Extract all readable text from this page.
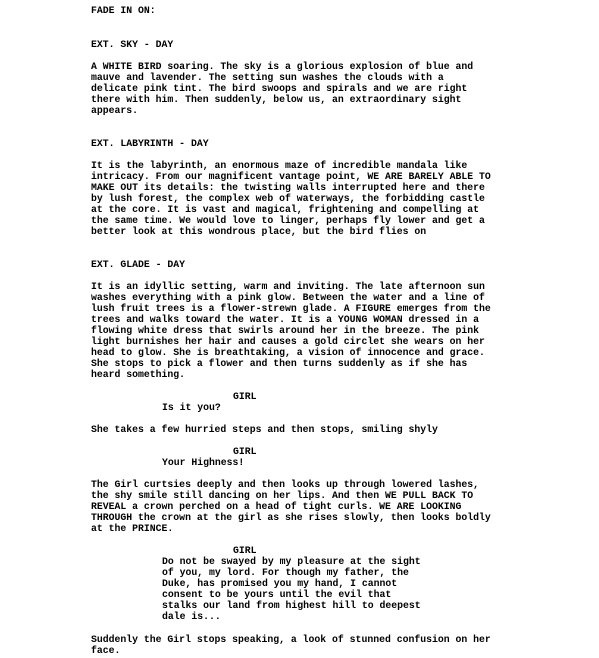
FADE IN ON:

EXT. SKY - DAY

A WHITE BIRD soaring. The sky is a glorious explosion of blue and
mauve and lavender. The setting sun washes the clouds with a
delicate pink tint. The bird swoops and spirals and we are right
there with him. Then suddenly, below us, an extraordinary sight
appears.

EXT. LABYRINTH - DAY

It is the labyrinth, an enormous maze of incredible mandala like
intricacy. From our magnificent vantage point, WE ARE BARELY ABLE TO
MAKE OUT its details: the twisting walls interrupted here and there
by lush forest, the complex web of waterways, the forbidding castle
at the core. It is vast and magical, frightening and compelling at
the same time. We would love to linger, perhaps fly lower and get a
better look at this wondrous place, but the bird flies on

EXT. GLADE - DAY

It is an idyllic setting, warm and inviting. The late afternoon sun
washes everything with a pink glow. Between the water and a line of
lush fruit trees is a flower-strewn glade. A FIGURE emerges from the
trees and walks toward the water. It is a YOUNG WOMAN dressed in a
flowing white dress that swirls around her in the breeze. The pink
light burnishes her hair and causes a gold circlet she wears on her
head to glow. She is breathtaking, a vision of innocence and grace.
She stops to pick a flower and then turns suddenly as if she has
heard something.

GIRL

Is it you?

She takes a few hurried steps and then stops, smiling shyly

GIRL

Your Highness!

The Girl curtsies deeply and then looks up through lowered lashes,
the shy smile still dancing on her lips. And then WE PULL BACK TO
REVEAL a crown perched on a head of tight curls. WE ARE LOOKING
THROUGH the crown at the girl as she rises slowly, then looks boldly
at the PRINCE.

GIRL

Do not be swayed by my pleasure at the sight
of you, my lord. For though my father, the
Duke, has promised you my hand, I cannot
consent to be yours until the evil that
stalks our land from highest hill to deepest
dale is...

Suddenly the Girl stops speaking, a look of stunned confusion on her
face.
